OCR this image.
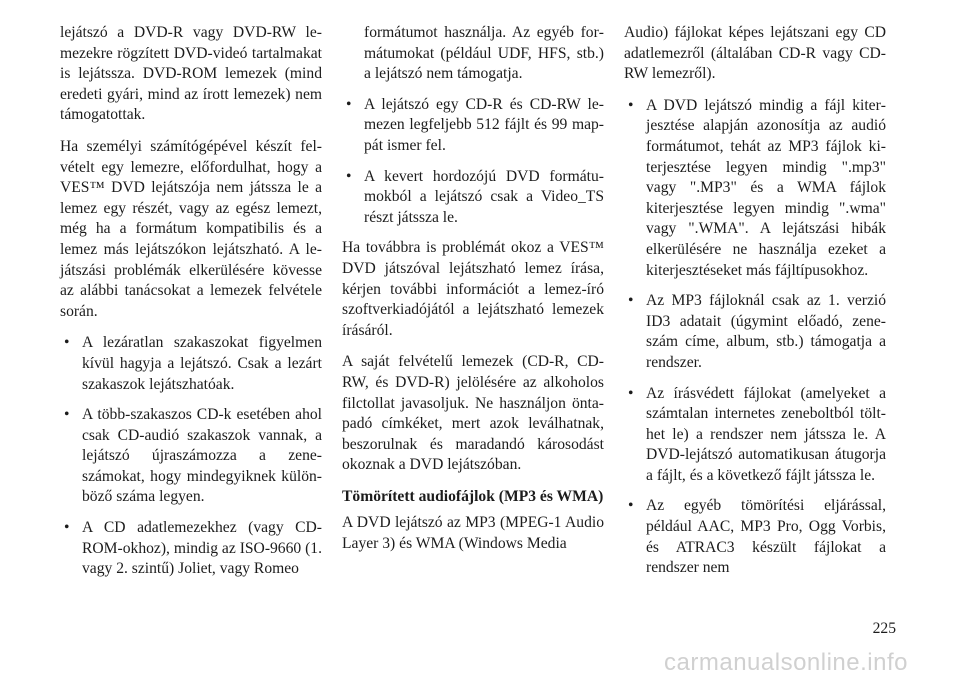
lejátszó a DVD-R vagy DVD-RW lemezekre rögzített DVD-videó tartalmakat is lejátssza. DVD-ROM lemezek (mind eredeti gyári, mind az írott lemezek) nem támogatottak.

Ha személyi számítógépével készít felvételt egy lemezre, előfordulhat, hogy a VES™ DVD lejátszója nem játssza le a lemez egy részét, vagy az egész lemezt, még ha a formátum kompatibilis és a lemez más lejátszókon lejátszható. A lejátszási problémák elkerülésére kövesse az alábbi tanácsokat a lemezek felvétele során.

• A lezáratlan szakaszokat figyelmen kívül hagyja a lejátszó. Csak a lezárt szakaszok lejátszhatóak.
• A több-szakaszos CD-k esetében ahol csak CD-audió szakaszok vannak, a lejátszó újraszámozza a zeneszámokat, hogy mindegyiknek különböző száma legyen.
• A CD adatlemezekhez (vagy CD-ROM-okhoz), mindig az ISO-9660 (1. vagy 2. szintű) Joliet, vagy Romeo
formátumot használja. Az egyéb formátumokat (például UDF, HFS, stb.) a lejátszó nem támogatja.
• A lejátszó egy CD-R és CD-RW lemezen legfeljebb 512 fájlt és 99 mappát ismer fel.
• A kevert hordozójú DVD formátumokból a lejátszó csak a Video_TS részt játssza le.

Ha továbbra is problémát okoz a VES™ DVD játszóval lejátszható lemez írása, kérjen további információt a lemez-író szoftverkiadójától a lejátszható lemezek írásáról.

A saját felvételű lemezek (CD-R, CD-RW, és DVD-R) jelölésére az alkoholos filctollat javasoljuk. Ne használjon öntapadó címkéket, mert azok leválhatnak, beszorulnak és maradandó károsodást okoznak a DVD lejátszóban.

Tömörített audiofájlok (MP3 és WMA)

A DVD lejátszó az MP3 (MPEG-1 Audio Layer 3) és WMA (Windows Media

Audio) fájlokat képes lejátszani egy CD adatlemezről (általában CD-R vagy CD-RW lemezről).

• A DVD lejátszó mindig a fájl kiterjesztése alapján azonosítja az audió formátumot, tehát az MP3 fájlok kiterjesztése legyen mindig ".mp3" vagy ".MP3" és a WMA fájlok kiterjesztése legyen mindig ".wma" vagy ".WMA". A lejátszási hibák elkerülésére ne használja ezeket a kiterjesztéseket más fájltípusokhoz.
• Az MP3 fájloknál csak az 1. verzió ID3 adatait (úgymint előadó, zeneszám címe, album, stb.) támogatja a rendszer.
• Az írásvédett fájlokat (amelyeket a számtalan internetes zeneboltból tölthet le) a rendszer nem játssza le. A DVD-lejátszó automatikusan átugorja a fájlt, és a következő fájlt játssza le.
• Az egyéb tömörítési eljárással, például AAC, MP3 Pro, Ogg Vorbis, és ATRAC3 készült fájlokat a rendszer nem
225
carmanualsonline.info
